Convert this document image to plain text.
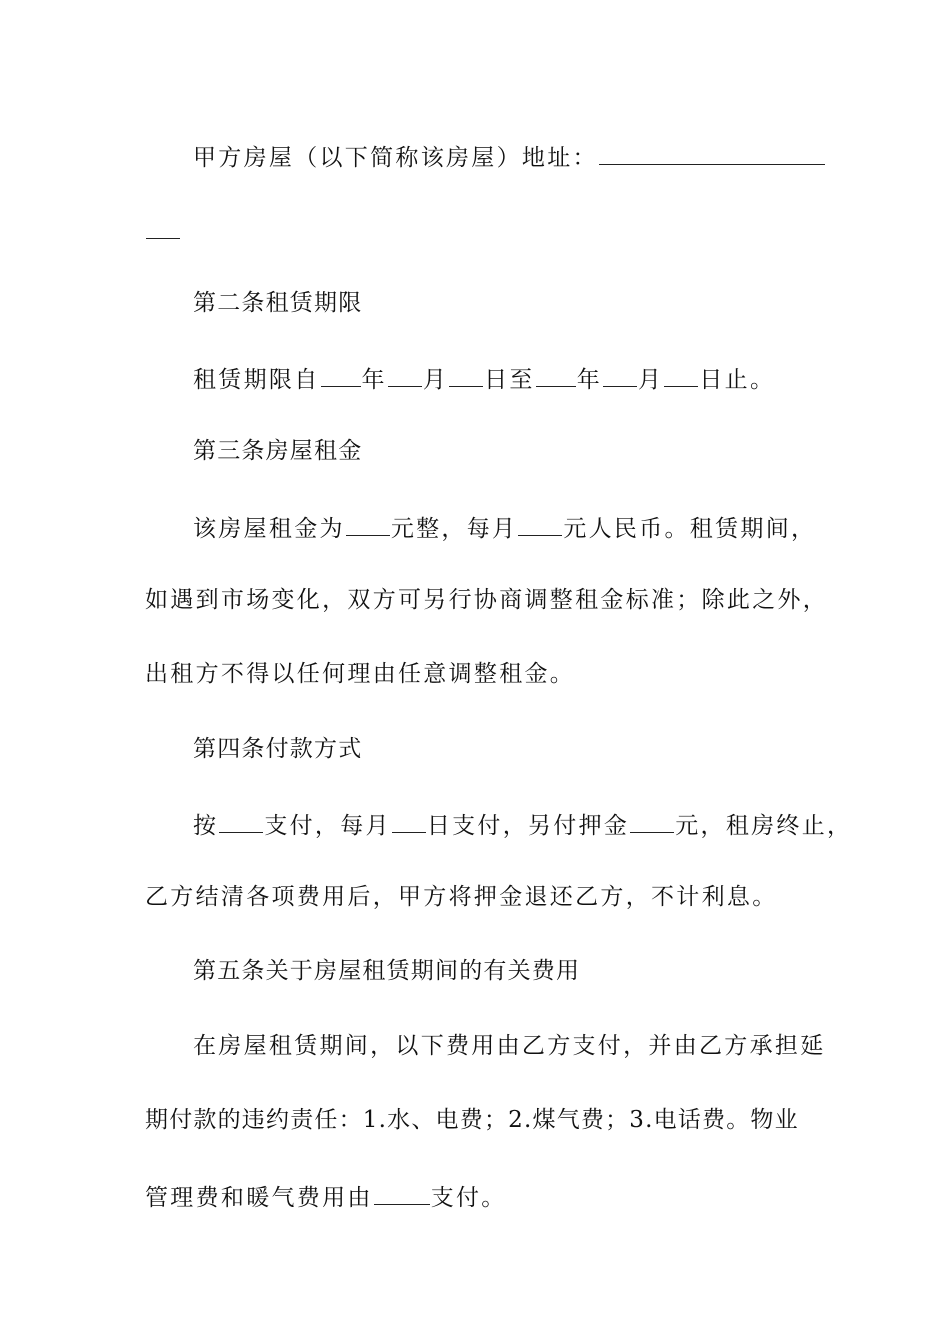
甲方房屋（以下简称该房屋）地址：
第二条租赁期限
租赁期限自 年 月 日至 年 月 日止。
第三条房屋租金
该房屋租金为 元整，每月 元人民币。租赁期间，
如遇到市场变化，双方可另行协商调整租金标准；除此之外，
出租方不得以任何理由任意调整租金。
第四条付款方式
按 支付，每月 日支付，另付押金 元，租房终止，
乙方结清各项费用后，甲方将押金退还乙方，不计利息。
第五条关于房屋租赁期间的有关费用
在房屋租赁期间，以下费用由乙方支付，并由乙方承担延
期付款的违约责任：1.水、电费；2.煤气费；3.电话费。物业
管理费和暖气费用由	支付。
